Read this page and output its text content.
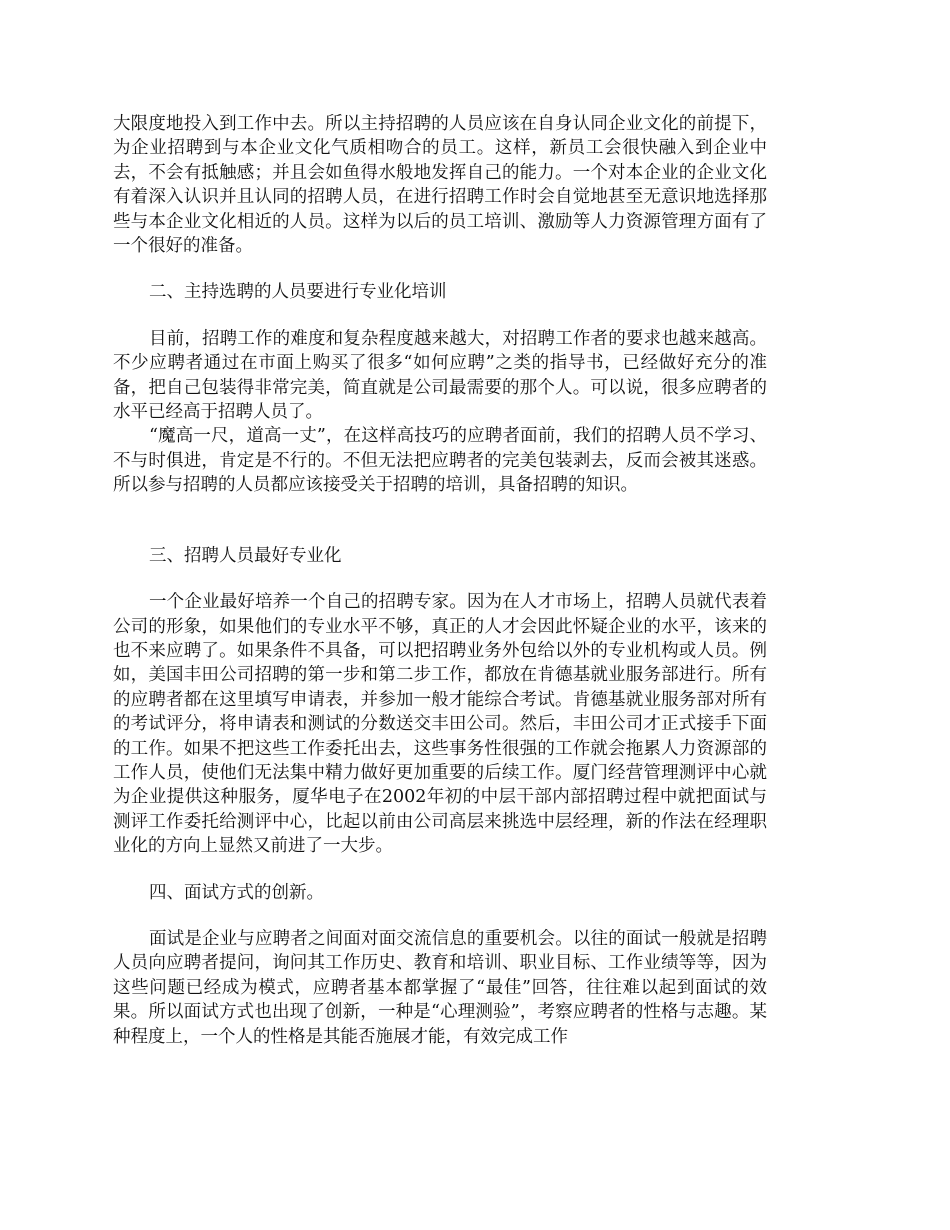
大限度地投入到工作中去。所以主持招聘的人员应该在自身认同企业文化的前提下，为企业招聘到与本企业文化气质相吻合的员工。这样，新员工会很快融入到企业中去，不会有抵触感；并且会如鱼得水般地发挥自己的能力。一个对本企业的企业文化有着深入认识并且认同的招聘人员，在进行招聘工作时会自觉地甚至无意识地选择那些与本企业文化相近的人员。这样为以后的员工培训、激励等人力资源管理方面有了一个很好的准备。

二、主持选聘的人员要进行专业化培训

目前，招聘工作的难度和复杂程度越来越大，对招聘工作者的要求也越来越高。不少应聘者通过在市面上购买了很多“如何应聘”之类的指导书，已经做好充分的准备，把自己包装得非常完美，简直就是公司最需要的那个人。可以说，很多应聘者的水平已经高于招聘人员了。

“魔高一尺，道高一丈”，在这样高技巧的应聘者面前，我们的招聘人员不学习、不与时俱进，肯定是不行的。不但无法把应聘者的完美包装剥去，反而会被其迷惑。所以参与招聘的人员都应该接受关于招聘的培训，具备招聘的知识。

三、招聘人员最好专业化

一个企业最好培养一个自己的招聘专家。因为在人才市场上，招聘人员就代表着公司的形象，如果他们的专业水平不够，真正的人才会因此怀疑企业的水平，该来的也不来应聘了。如果条件不具备，可以把招聘业务外包给以外的专业机构或人员。例如，美国丰田公司招聘的第一步和第二步工作，都放在肯德基就业服务部进行。所有的应聘者都在这里填写申请表，并参加一般才能综合考试。肯德基就业服务部对所有的考试评分，将申请表和测试的分数送交丰田公司。然后，丰田公司才正式接手下面的工作。如果不把这些工作委托出去，这些事务性很强的工作就会拖累人力资源部的工作人员，使他们无法集中精力做好更加重要的后续工作。厦门经营管理测评中心就为企业提供这种服务，厦华电子在2002年初的中层干部内部招聘过程中就把面试与测评工作委托给测评中心，比起以前由公司高层来挑选中层经理，新的作法在经理职业化的方向上显然又前进了一大步。

四、面试方式的创新。

面试是企业与应聘者之间面对面交流信息的重要机会。以往的面试一般就是招聘人员向应聘者提问，询问其工作历史、教育和培训、职业目标、工作业绩等等，因为这些问题已经成为模式，应聘者基本都掌握了“最佳”回答，往往难以起到面试的效果。所以面试方式也出现了创新，一种是“心理测验”，考察应聘者的性格与志趣。某种程度上，一个人的性格是其能否施展才能，有效完成工作
